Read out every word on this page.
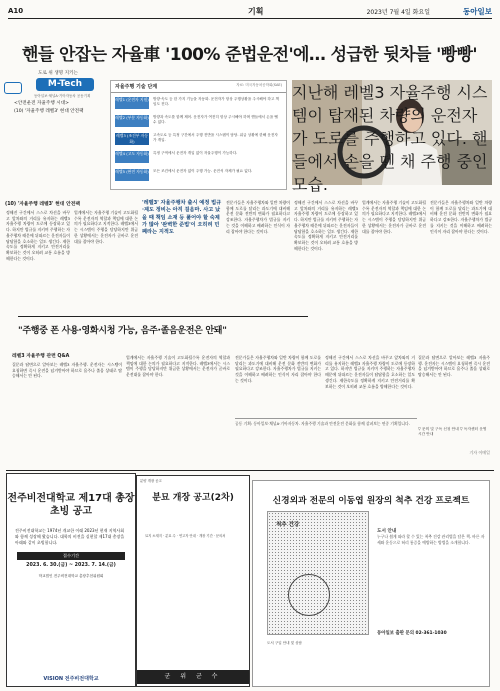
A10	기획	2023년 7월 4일 화요일	동아일보
핸들 안잡는 자율車 '100% 준법운전'에… 성급한 뒷차들 '빵빵'
도로 위 생명 지키는
M-Tech
동아일보·채널A·기아자동차 공동기획
(10) '자율주행 레벨3' 현대 안전팩
<안전운전 자율주행 시대>
자율주행 기술 단계	자료: 미국자동차공학회(SAE)
레벨1 (운전자 지원) 방향·속도 등 한 가지 기능을 자동화. 운전자가 항상 주행상황을 주시해야 하고 책임도 진다.
레벨2 (부분 자동화) 방향과 속도를 함께 제어. 운전자가 여전히 항상 주시해야 하며 핸들에서 손을 뗄 수 없다.
레벨3 (조건부 자동화)
고속도로 등 특정 구간에서 주행 전반을 시스템이 담당. 위급 상황에 한해 운전자가 개입.
레벨4 (고도 자동화) 특정 구역에서 운전자 개입 없이 자율주행이 가능하다.
레벨5 (완전 자동화) 모든 조건에서 운전자 없이 주행 가능. 운전석 자체가 필요 없다.
지난해 레벨3 자율주행 시스템이 탑재된 차량의 운전자가 도로를 주행하고 있다. 핸들에서 손을 뗀 채 주행 중인 모습.
(10) '자율주행 레벨3' 현대 안전팩
정해진 구간에서 스스로 차선을 바꾸고 앞차와의 거리를 유지하는 레벨3 자율주행 차량이 도로에 등장하고 있다. 하지만 법규를 지키며 주행하는 자율주행차 때문에 뒤따르는 운전자들이 답답함을 호소하는 일도 생긴다. 제한속도를 정확하게 지키고 안전거리를 확보하는 것이 오히려 교통 흐름을 방해한다는 것이다.
업계에서는 자율주행 기술이 고도화될수록 운전자의 역할과 책임에 대한 논의가 필요하다고 지적한다. 레벨3에서는 시스템이 주행을 담당하지만 위급한 상황에서는 운전자가 곧바로 운전대를 잡아야 한다.
'레벨3' 자율주행차 출시 예정 법규·제도 정비는 아직 걸음마. 사고 났을 때 책임 소재 등 풀어야 할 숙제가 많아 '완벽한 준법'이 오히려 민폐라는 지적도
전문가들은 자율주행차와 일반 차량이 함께 도로를 달리는 과도기에 대비해 운전 문화 전반의 변화가 필요하다고 강조한다. 자율주행차가 법규를 지키는 것을 이해하고 배려하는 인식이 자리 잡아야 한다는 것이다.
정해진 구간에서 스스로 차선을 바꾸고 앞차와의 거리를 유지하는 레벨3 자율주행 차량이 도로에 등장하고 있다. 하지만 법규를 지키며 주행하는 자율주행차 때문에 뒤따르는 운전자들이 답답함을 호소하는 일도 생긴다. 제한속도를 정확하게 지키고 안전거리를 확보하는 것이 오히려 교통 흐름을 방해한다는 것이다.
업계에서는 자율주행 기술이 고도화될수록 운전자의 역할과 책임에 대한 논의가 필요하다고 지적한다. 레벨3에서는 시스템이 주행을 담당하지만 위급한 상황에서는 운전자가 곧바로 운전대를 잡아야 한다.
전문가들은 자율주행차와 일반 차량이 함께 도로를 달리는 과도기에 대비해 운전 문화 전반의 변화가 필요하다고 강조한다. 자율주행차가 법규를 지키는 것을 이해하고 배려하는 인식이 자리 잡아야 한다는 것이다.
"주행중 폰 사용·영화시청 가능, 음주·졸음운전은 안돼"
레벨3 자율주행 관련 Q&A
질문과 답변으로 알아보는 레벨3 자율주행. 운전자는 시스템이 요청하면 즉시 운전을 넘겨받아야 하므로 음주나 졸음 상태로 탑승해서는 안 된다.
업계에서는 자율주행 기술이 고도화될수록 운전자의 역할과 책임에 대한 논의가 필요하다고 지적한다. 레벨3에서는 시스템이 주행을 담당하지만 위급한 상황에서는 운전자가 곧바로 운전대를 잡아야 한다.
전문가들은 자율주행차와 일반 차량이 함께 도로를 달리는 과도기에 대비해 운전 문화 전반의 변화가 필요하다고 강조한다. 자율주행차가 법규를 지키는 것을 이해하고 배려하는 인식이 자리 잡아야 한다는 것이다.
정해진 구간에서 스스로 차선을 바꾸고 앞차와의 거리를 유지하는 레벨3 자율주행 차량이 도로에 등장하고 있다. 하지만 법규를 지키며 주행하는 자율주행차 때문에 뒤따르는 운전자들이 답답함을 호소하는 일도 생긴다. 제한속도를 정확하게 지키고 안전거리를 확보하는 것이 오히려 교통 흐름을 방해한다는 것이다.
질문과 답변으로 알아보는 레벨3 자율주행. 운전자는 시스템이 요청하면 즉시 운전을 넘겨받아야 하므로 음주나 졸음 상태로 탑승해서는 안 된다.
공동 기획: 동아일보·채널A·기아자동차. 자율주행 기술과 안전운전 문화를 함께 살펴보는 연중 기획입니다.
▽ 문의 및 구독 신청 안내 ▽ 독자센터 운영 시간 안내
기자 이메일
전주비전대학교 제17대 총장 초빙 공고
전주비전대학교는 1974년 개교한 이래 2023년 현재 지역사회와 함께 성장해 왔습니다. 대학의 비전을 실현할 제17대 총장을 아래와 같이 초빙합니다.
접수기간
2023. 6. 30.(금) ~ 2023. 7. 14.(금)
학교법인 전주비전대학교 총장추천위원회
VISION 전주비전대학교
분양 개장 공고
분묘 개장 공고(2차)
묘지 소재지 · 분묘 수 · 연고자 안내 · 개장 기간 · 문의처
군 위 군 수
신경외과 전문의 이동엽 원장의 척추 건강 프로젝트
척추 건강
도서 안내
누구나 쉽게 따라 할 수 있는 척추 건강 관리법을 담은 책. 바른 자세와 운동으로 허리 통증을 예방하는 방법을 소개합니다.
도서 구입 안내 및 상담
동아일보 출판 문의 02-361-1030
